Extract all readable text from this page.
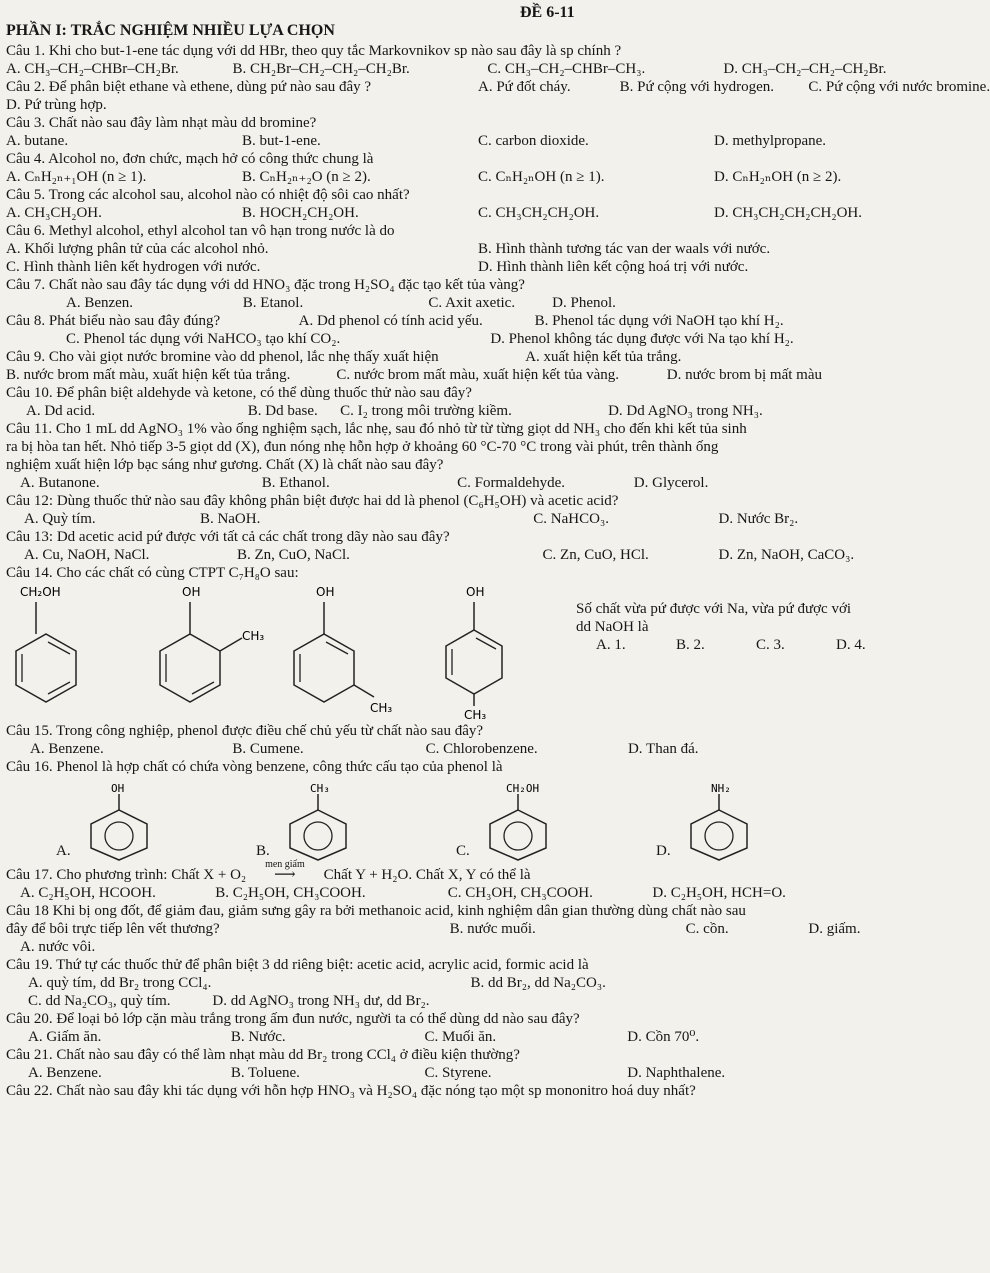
ĐỀ 6-11
PHẦN I: TRẮC NGHIỆM NHIỀU LỰA CHỌN
Câu 1. Khi cho but-1-ene tác dụng với dd HBr, theo quy tắc Markovnikov sp nào sau đây là sp chính ?
A. CH₃–CH₂–CHBr–CH₂Br.	B. CH₂Br–CH₂–CH₂–CH₂Br.	C. CH₃–CH₂–CHBr–CH₃.	D. CH₃–CH₂–CH₂–CH₂Br.
Câu 2. Để phân biệt ethane và ethene, dùng pứ nào sau đây ?	A. Pứ đốt cháy.	B. Pứ cộng với hydrogen.	C. Pứ cộng với nước bromine.
D. Pứ trùng hợp.
Câu 3. Chất nào sau đây làm nhạt màu dd bromine?
A. butane.	B. but-1-ene.	C. carbon dioxide.	D. methylpropane.
Câu 4. Alcohol no, đơn chức, mạch hở có công thức chung là
A. CₙH₂ₙ₊₁OH (n ≥ 1).	B. CₙH₂ₙ₊₂O (n ≥ 2).	C. CₙH₂ₙOH (n ≥ 1).	D. CₙH₂ₙOH (n ≥ 2).
Câu 5. Trong các alcohol sau, alcohol nào có nhiệt độ sôi cao nhất?
A. CH₃CH₂OH.	B. HOCH₂CH₂OH.	C. CH₃CH₂CH₂OH.	D. CH₃CH₂CH₂CH₂OH.
Câu 6. Methyl alcohol, ethyl alcohol tan vô hạn trong nước là do
A. Khối lượng phân tử của các alcohol nhỏ.	B. Hình thành tương tác van der waals với nước.
C. Hình thành liên kết hydrogen với nước.	D. Hình thành liên kết cộng hoá trị với nước.
Câu 7. Chất nào sau đây tác dụng với dd HNO₃ đặc trong H₂SO₄ đặc tạo kết tủa vàng?
A. Benzen.	B. Etanol.	C. Axit axetic.	D. Phenol.
Câu 8. Phát biểu nào sau đây đúng?	A. Dd phenol có tính acid yếu.	B. Phenol tác dụng với NaOH tạo khí H₂.
C. Phenol tác dụng với NaHCO₃ tạo khí CO₂.	D. Phenol không tác dụng được với Na tạo khí H₂.
Câu 9. Cho vài giọt nước bromine vào dd phenol, lắc nhẹ thấy xuất hiện	A. xuất hiện kết tủa trắng.
B. nước brom mất màu, xuất hiện kết tủa trắng.	C. nước brom mất màu, xuất hiện kết tủa vàng.	D. nước brom bị mất màu
Câu 10. Để phân biệt aldehyde và ketone, có thể dùng thuốc thử nào sau đây?
A. Dd acid.	B. Dd base.	C. I₂ trong môi trường kiềm.	D. Dd AgNO₃ trong NH₃.
Câu 11. Cho 1 mL dd AgNO₃ 1% vào ống nghiệm sạch, lắc nhẹ, sau đó nhỏ từ từ từng giọt dd NH₃ cho đến khi kết tủa sinh
ra bị hòa tan hết. Nhỏ tiếp 3-5 giọt dd (X), đun nóng nhẹ hỗn hợp ở khoảng 60 °C-70 °C trong vài phút, trên thành ống
nghiệm xuất hiện lớp bạc sáng như gương. Chất (X) là chất nào sau đây?
A. Butanone.	B. Ethanol.	C. Formaldehyde.	D. Glycerol.
Câu 12: Dùng thuốc thử nào sau đây không phân biệt được hai dd là phenol (C₆H₅OH) và acetic acid?
A. Quỳ tím.	B. NaOH.	C. NaHCO₃.	D. Nước Br₂.
Câu 13: Dd acetic acid pứ được với tất cả các chất trong dãy nào sau đây?
A. Cu, NaOH, NaCl.	B. Zn, CuO, NaCl.	C. Zn, CuO, HCl.	D. Zn, NaOH, CaCO₃.
Câu 14. Cho các chất có cùng CTPT C₇H₈O sau:
CH₂OH	OH
CH₃
OH
CH₃
OH
CH₃
Số chất vừa pứ được với Na, vừa pứ được với
dd NaOH là
A. 1.	B. 2.	C. 3.	D. 4.
Câu 15. Trong công nghiệp, phenol được điều chế chủ yếu từ chất nào sau đây?
A. Benzene.	B. Cumene.	C. Chlorobenzene.	D. Than đá.
Câu 16. Phenol là hợp chất có chứa vòng benzene, công thức cấu tạo của phenol là
A.
OH
B.
CH₃
C.
CH₂OH
D.
NH₂
Câu 17. Cho phương trình: Chất X + O₂
men giấm
⟶ Chất Y + H₂O. Chất X, Y có thể là
A. C₂H₅OH, HCOOH.	B. C₂H₅OH, CH₃COOH.	C. CH₃OH, CH₃COOH.	D. C₂H₅OH, HCH=O.
Câu 18 Khi bị ong đốt, để giảm đau, giảm sưng gây ra bởi methanoic acid, kinh nghiệm dân gian thường dùng chất nào sau
đây để bôi trực tiếp lên vết thương?	B. nước muối.	C. cồn.	D. giấm.
A. nước vôi.
Câu 19. Thứ tự các thuốc thử để phân biệt 3 dd riêng biệt: acetic acid, acrylic acid, formic acid là
A. quỳ tím, dd Br₂ trong CCl₄.	B. dd Br₂, dd Na₂CO₃.
C. dd Na₂CO₃, quỳ tím.	D. dd AgNO₃ trong NH₃ dư, dd Br₂.
Câu 20. Để loại bỏ lớp cặn màu trắng trong ấm đun nước, người ta có thể dùng dd nào sau đây?
A. Giấm ăn.	B. Nước.	C. Muối ăn.	D. Cồn 70⁰.
Câu 21. Chất nào sau đây có thể làm nhạt màu dd Br₂ trong CCl₄ ở điều kiện thường?
A. Benzene.	B. Toluene.	C. Styrene.	D. Naphthalene.
Câu 22. Chất nào sau đây khi tác dụng với hỗn hợp HNO₃ và H₂SO₄ đặc nóng tạo một sp mononitro hoá duy nhất?
